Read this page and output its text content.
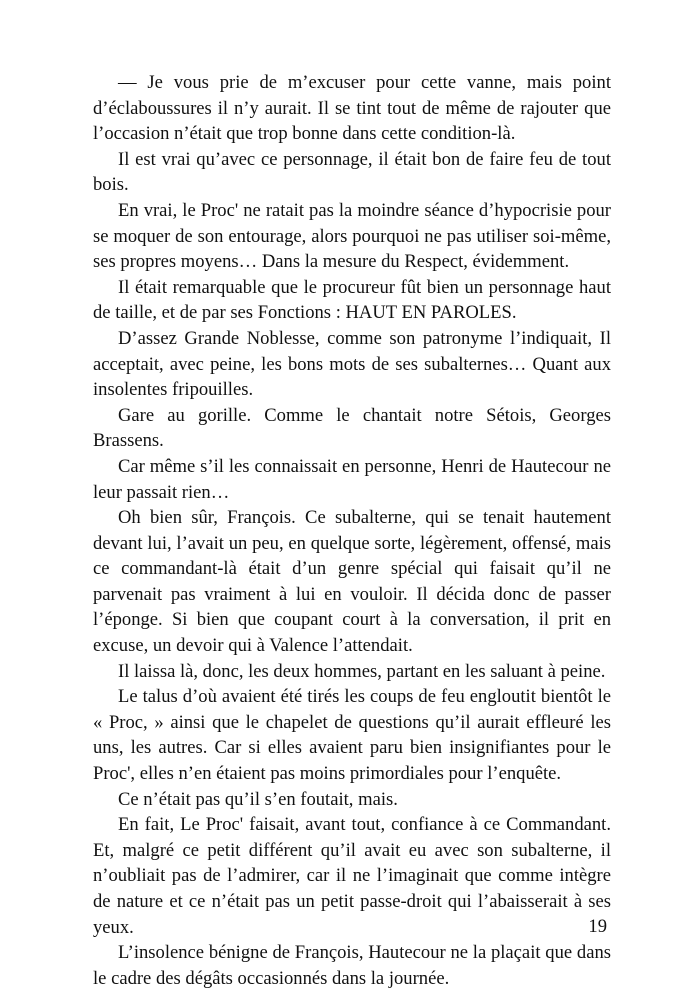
— Je vous prie de m’excuser pour cette vanne, mais point d’éclaboussures il n’y aurait. Il se tint tout de même de rajouter que l’occasion n’était que trop bonne dans cette condition-là.

Il est vrai qu’avec ce personnage, il était bon de faire feu de tout bois.

En vrai, le Proc' ne ratait pas la moindre séance d’hypocrisie pour se moquer de son entourage, alors pourquoi ne pas utiliser soi-même, ses propres moyens… Dans la mesure du Respect, évidemment.

Il était remarquable que le procureur fût bien un personnage haut de taille, et de par ses Fonctions : HAUT EN PAROLES.

D’assez Grande Noblesse, comme son patronyme l’indiquait, Il acceptait, avec peine, les bons mots de ses subalternes… Quant aux insolentes fripouilles.

Gare au gorille. Comme le chantait notre Sétois, Georges Brassens.

Car même s’il les connaissait en personne, Henri de Hautecour ne leur passait rien…

Oh bien sûr, François. Ce subalterne, qui se tenait hautement devant lui, l’avait un peu, en quelque sorte, légèrement, offensé, mais ce commandant-là était d’un genre spécial qui faisait qu’il ne parvenait pas vraiment à lui en vouloir. Il décida donc de passer l’éponge. Si bien que coupant court à la conversation, il prit en excuse, un devoir qui à Valence l’attendait.

Il laissa là, donc, les deux hommes, partant en les saluant à peine.

Le talus d’où avaient été tirés les coups de feu engloutit bientôt le « Proc, » ainsi que le chapelet de questions qu’il aurait effleuré les uns, les autres. Car si elles avaient paru bien insignifiantes pour le Proc', elles n’en étaient pas moins primordiales pour l’enquête.

Ce n’était pas qu’il s’en foutait, mais.

En fait, Le Proc' faisait, avant tout, confiance à ce Commandant. Et, malgré ce petit différent qu’il avait eu avec son subalterne, il n’oubliait pas de l’admirer, car il ne l’imaginait que comme intègre de nature et ce n’était pas un petit passe-droit qui l’abaisserait à ses yeux.

L’insolence bénigne de François, Hautecour ne la plaçait que dans le cadre des dégâts occasionnés dans la journée.

19
